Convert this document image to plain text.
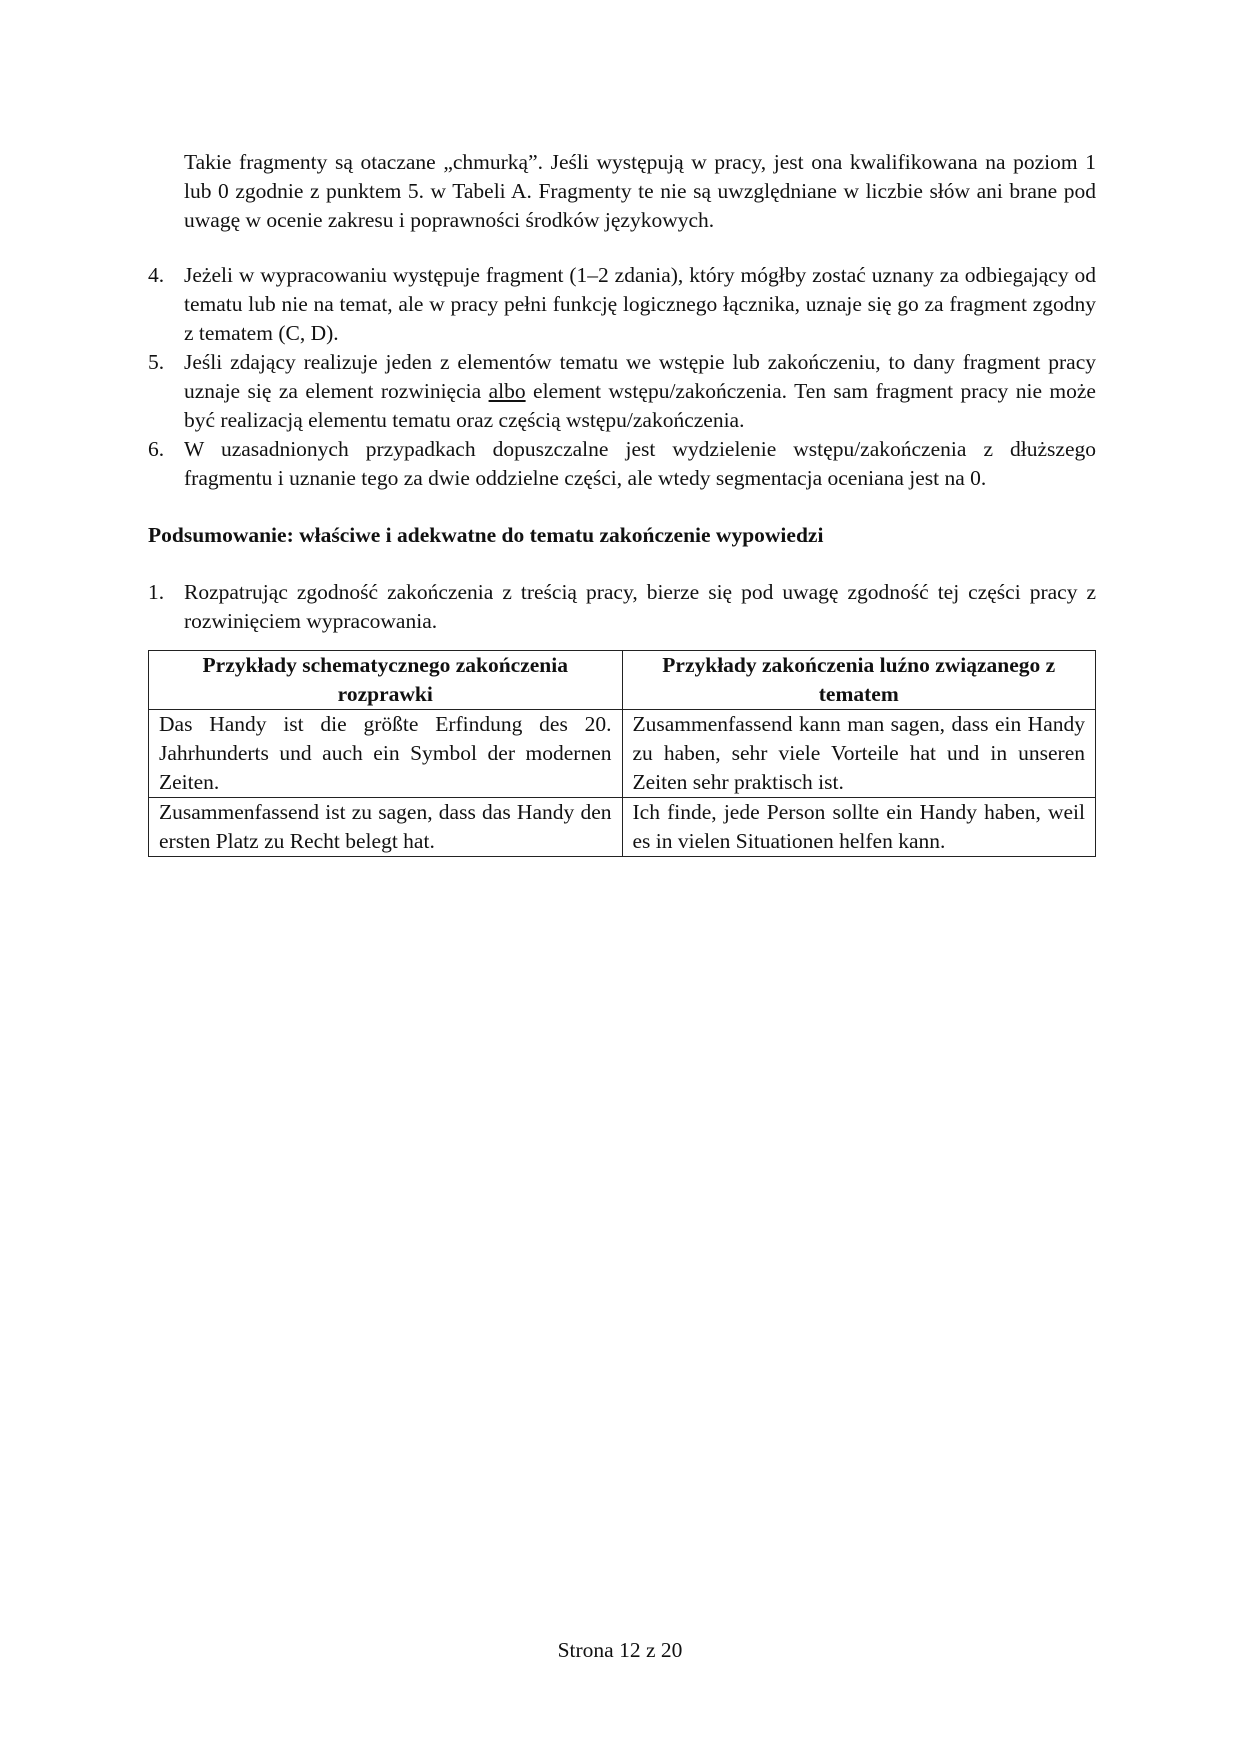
Takie fragmenty są otaczane „chmurką”. Jeśli występują w pracy, jest ona kwalifikowana na poziom 1 lub 0 zgodnie z punktem 5. w Tabeli A. Fragmenty te nie są uwzględniane w liczbie słów ani brane pod uwagę w ocenie zakresu i poprawności środków językowych.

4. Jeżeli w wypracowaniu występuje fragment (1–2 zdania), który mógłby zostać uznany za odbiegający od tematu lub nie na temat, ale w pracy pełni funkcję logicznego łącznika, uznaje się go za fragment zgodny z tematem (C, D).
5. Jeśli zdający realizuje jeden z elementów tematu we wstępie lub zakończeniu, to dany fragment pracy uznaje się za element rozwinięcia albo element wstępu/zakończenia. Ten sam fragment pracy nie może być realizacją elementu tematu oraz częścią wstępu/zakończenia.
6. W uzasadnionych przypadkach dopuszczalne jest wydzielenie wstępu/zakończenia z dłuższego fragmentu i uznanie tego za dwie oddzielne części, ale wtedy segmentacja oceniana jest na 0.

Podsumowanie: właściwe i adekwatne do tematu zakończenie wypowiedzi

1. Rozpatrując zgodność zakończenia z treścią pracy, bierze się pod uwagę zgodność tej części pracy z rozwinięciem wypracowania.
Przykłady schematycznego zakończenia rozprawki	Przykłady zakończenia luźno związanego z tematem
Das Handy ist die größte Erfindung des 20. Jahrhunderts und auch ein Symbol der modernen Zeiten.	Zusammenfassend kann man sagen, dass ein Handy zu haben, sehr viele Vorteile hat und in unseren Zeiten sehr praktisch ist.
Zusammenfassend ist zu sagen, dass das Handy den ersten Platz zu Recht belegt hat.	Ich finde, jede Person sollte ein Handy haben, weil es in vielen Situationen helfen kann.
Strona 12 z 20
